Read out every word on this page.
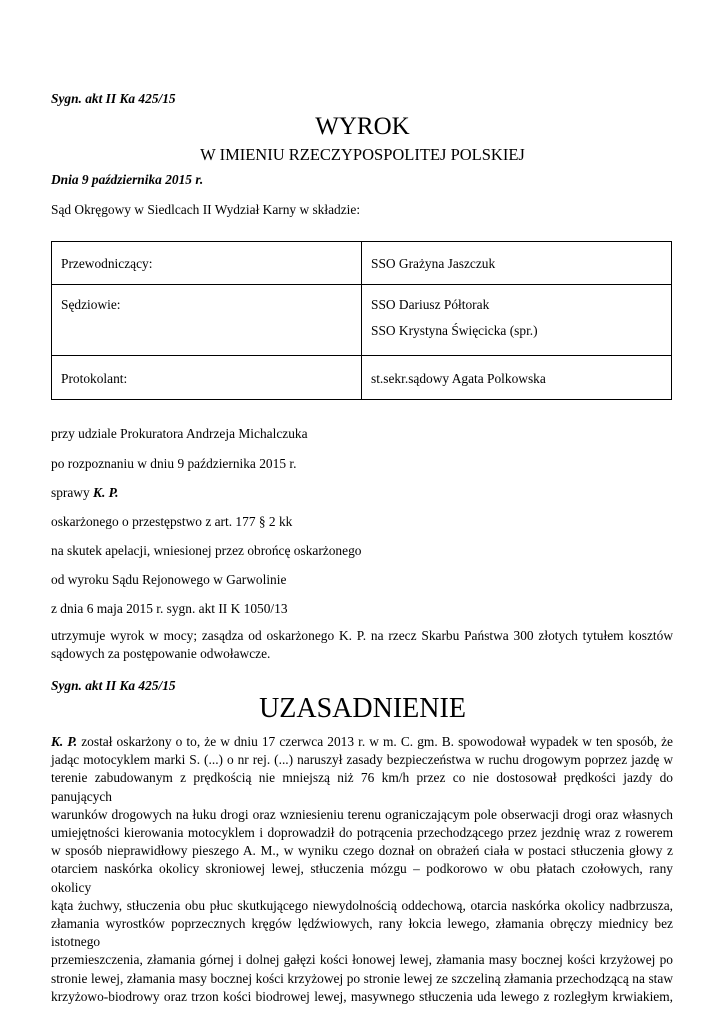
Sygn. akt II Ka 425/15
WYROK
W IMIENIU RZECZYPOSPOLITEJ POLSKIEJ
Dnia 9 października 2015 r.
Sąd Okręgowy w Siedlcach II Wydział Karny w składzie:
Przewodniczący:	SSO Grażyna Jaszczuk

Sędziowie:	SSO Dariusz Półtorak
SSO Krystyna Święcicka (spr.)

Protokolant:	st.sekr.sądowy Agata Polkowska
przy udziale Prokuratora Andrzeja Michalczuka
po rozpoznaniu w dniu 9 października 2015 r.
sprawy K. P.
oskarżonego o przestępstwo z art. 177 § 2 kk
na skutek apelacji, wniesionej przez obrońcę oskarżonego
od wyroku Sądu Rejonowego w Garwolinie
z dnia 6 maja 2015 r. sygn. akt II K 1050/13
utrzymuje wyrok w mocy; zasądza od oskarżonego K. P. na rzecz Skarbu Państwa 300 złotych tytułem kosztów
sądowych za postępowanie odwoławcze.
Sygn. akt II Ka 425/15
UZASADNIENIE
K. P. został oskarżony o to, że w dniu 17 czerwca 2013 r. w m. C. gm. B. spowodował wypadek w ten sposób, że
jadąc motocyklem marki S. (...) o nr rej. (...) naruszył zasady bezpieczeństwa w ruchu drogowym poprzez jazdę w
terenie zabudowanym z prędkością nie mniejszą niż 76 km/h przez co nie dostosował prędkości jazdy do panujących
warunków drogowych na łuku drogi oraz wzniesieniu terenu ograniczającym pole obserwacji drogi oraz własnych
umiejętności kierowania motocyklem i doprowadził do potrącenia przechodzącego przez jezdnię wraz z rowerem
w sposób nieprawidłowy pieszego A. M., w wyniku czego doznał on obrażeń ciała w postaci stłuczenia głowy z
otarciem naskórka okolicy skroniowej lewej, stłuczenia mózgu – podkorowo w obu płatach czołowych, rany okolicy
kąta żuchwy, stłuczenia obu płuc skutkującego niewydolnością oddechową, otarcia naskórka okolicy nadbrzusza,
złamania wyrostków poprzecznych kręgów lędźwiowych, rany łokcia lewego, złamania obręczy miednicy bez istotnego
przemieszczenia, złamania górnej i dolnej gałęzi kości łonowej lewej, złamania masy bocznej kości krzyżowej po
stronie lewej, złamania masy bocznej kości krzyżowej po stronie lewej ze szczeliną złamania przechodzącą na staw
krzyżowo-biodrowy oraz trzon kości biodrowej lewej, masywnego stłuczenia uda lewego z rozległym krwiakiem,
